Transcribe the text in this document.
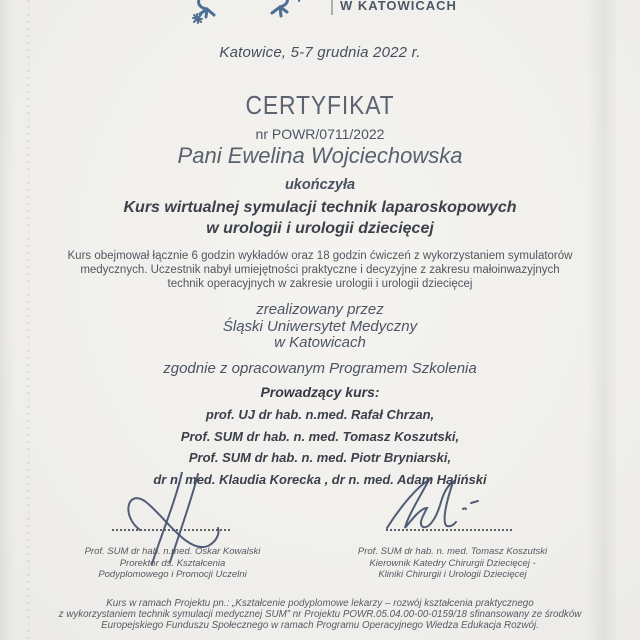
W KATOWICACH
Katowice, 5-7 grudnia 2022 r.
CERTYFIKAT
nr POWR/0711/2022
Pani Ewelina Wojciechowska
ukończyła
Kurs wirtualnej symulacji technik laparoskopowych
w urologii i urologii dziecięcej
Kurs obejmował łącznie 6 godzin wykładów oraz 18 godzin ćwiczeń z wykorzystaniem symulatorów
medycznych. Uczestnik nabył umiejętności praktyczne i decyzyjne z zakresu małoinwazyjnych
technik operacyjnych w zakresie urologii i urologii dziecięcej
zrealizowany przez
Śląski Uniwersytet Medyczny
w Katowicach
zgodnie z opracowanym Programem Szkolenia
Prowadzący kurs:
prof. UJ dr hab. n.med. Rafał Chrzan,
Prof. SUM dr hab. n. med. Tomasz Koszutski,
Prof. SUM dr hab. n. med. Piotr Bryniarski,
dr n. med. Klaudia Korecka , dr n. med. Adam Haliński
Prof. SUM dr hab. n.med. Oskar Kowalski
Prorektor ds. Kształcenia
Podyplomowego i Promocji Uczelni
Prof. SUM dr hab. n. med. Tomasz Koszutski
Kierownik Katedry Chirurgii Dziecięcej -
Kliniki Chirurgii i Urologii Dziecięcej
Kurs w ramach Projektu pn.: „Kształcenie podyplomowe lekarzy – rozwój kształcenia praktycznego
z wykorzystaniem technik symulacji medycznej SUM” nr Projektu POWR.05.04.00-00-0159/18 sfinansowany ze środków
Europejskiego Funduszu Społecznego w ramach Programu Operacyjnego Wiedza Edukacja Rozwój.
